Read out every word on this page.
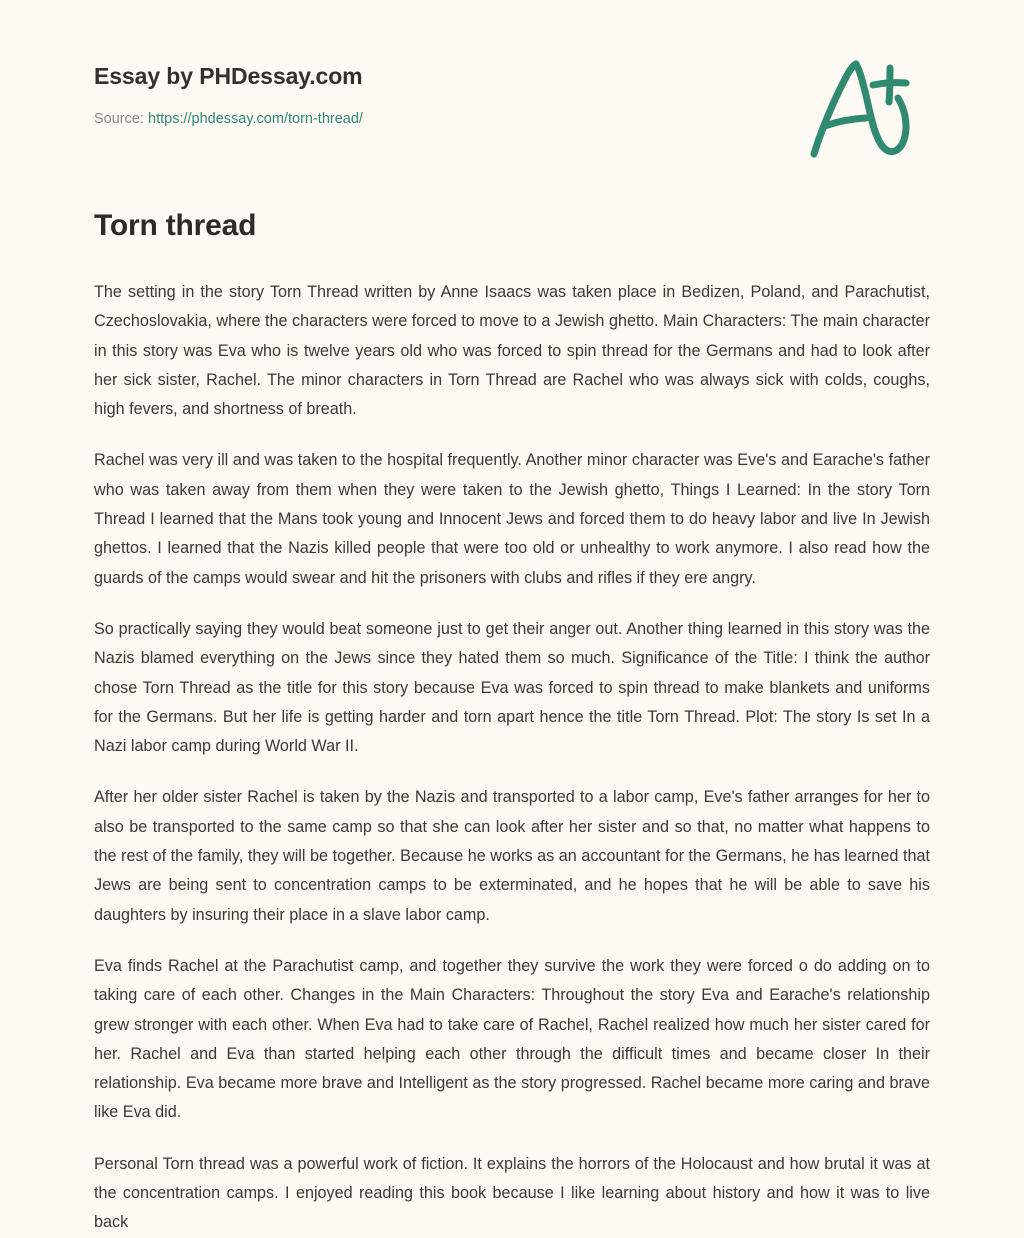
Essay by PHDessay.com
Source: https://phdessay.com/torn-thread/
Torn thread

The setting in the story Torn Thread written by Anne Isaacs was taken place in Bedizen, Poland, and Parachutist, Czechoslovakia, where the characters were forced to move to a Jewish ghetto. Main Characters: The main character in this story was Eva who is twelve years old who was forced to spin thread for the Germans and had to look after her sick sister, Rachel. The minor characters in Torn Thread are Rachel who was always sick with colds, coughs, high fevers, and shortness of breath.

Rachel was very ill and was taken to the hospital frequently. Another minor character was Eve's and Earache's father who was taken away from them when they were taken to the Jewish ghetto, Things I Learned: In the story Torn Thread I learned that the Mans took young and Innocent Jews and forced them to do heavy labor and live In Jewish ghettos. I learned that the Nazis killed people that were too old or unhealthy to work anymore. I also read how the guards of the camps would swear and hit the prisoners with clubs and rifles if they ere angry.

So practically saying they would beat someone just to get their anger out. Another thing learned in this story was the Nazis blamed everything on the Jews since they hated them so much. Significance of the Title: I think the author chose Torn Thread as the title for this story because Eva was forced to spin thread to make blankets and uniforms for the Germans. But her life is getting harder and torn apart hence the title Torn Thread. Plot: The story Is set In a Nazi labor camp during World War II.

After her older sister Rachel is taken by the Nazis and transported to a labor camp, Eve's father arranges for her to also be transported to the same camp so that she can look after her sister and so that, no matter what happens to the rest of the family, they will be together. Because he works as an accountant for the Germans, he has learned that Jews are being sent to concentration camps to be exterminated, and he hopes that he will be able to save his daughters by insuring their place in a slave labor camp.

Eva finds Rachel at the Parachutist camp, and together they survive the work they were forced o do adding on to taking care of each other. Changes in the Main Characters: Throughout the story Eva and Earache's relationship grew stronger with each other. When Eva had to take care of Rachel, Rachel realized how much her sister cared for her. Rachel and Eva than started helping each other through the difficult times and became closer In their relationship. Eva became more brave and Intelligent as the story progressed. Rachel became more caring and brave like Eva did.

Personal Torn thread was a powerful work of fiction. It explains the horrors of the Holocaust and how brutal it was at the concentration camps. I enjoyed reading this book because I like learning about history and how it was to live back
